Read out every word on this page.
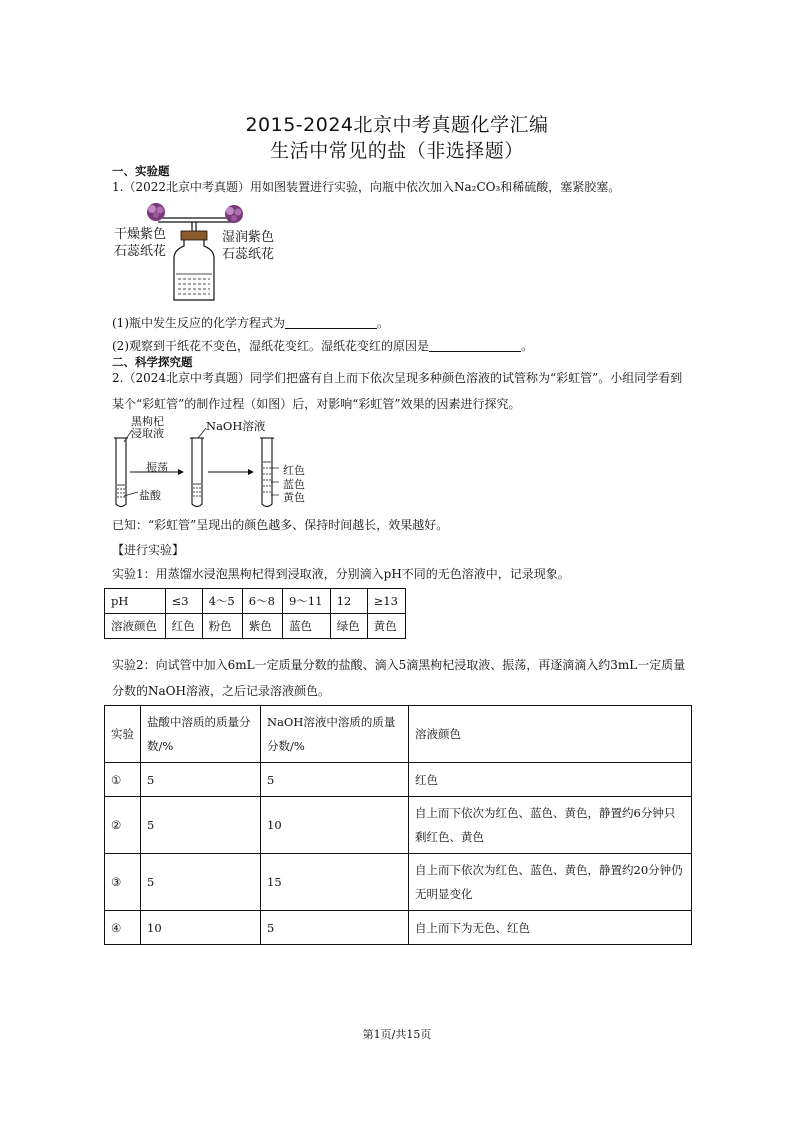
2015-2024北京中考真题化学汇编
生活中常见的盐（非选择题）
一、实验题
1.（2022北京中考真题）用如图装置进行实验，向瓶中依次加入Na₂CO₃和稀硫酸，塞紧胶塞。
干燥紫色石蕊纸花
湿润紫色石蕊纸花
(1)瓶中发生反应的化学方程式为	。
(2)观察到干纸花不变色，湿纸花变红。湿纸花变红的原因是	。
二、科学探究题
2.（2024北京中考真题）同学们把盛有自上而下依次呈现多种颜色溶液的试管称为“彩虹管”。小组同学看到某个“彩虹管”的制作过程（如图）后，对影响“彩虹管”效果的因素进行探究。
黑枸杞浸取液
NaOH溶液
振荡
盐酸
红色
蓝色
黄色
已知：“彩虹管”呈现出的颜色越多、保持时间越长，效果越好。
【进行实验】
实验1：用蒸馏水浸泡黑枸杞得到浸取液，分别滴入pH不同的无色溶液中，记录现象。
pH	≤3	4～5	6～8	9～11	12	≥13
溶液颜色	红色	粉色	紫色	蓝色	绿色	黄色
实验2：向试管中加入6mL一定质量分数的盐酸、滴入5滴黑枸杞浸取液、振荡，再逐滴滴入约3mL一定质量分数的NaOH溶液，之后记录溶液颜色。
实验	盐酸中溶质的质量分数/%	NaOH溶液中溶质的质量分数/%	溶液颜色
①	5	5	红色
②	5	10	自上而下依次为红色、蓝色、黄色，静置约6分钟只剩红色、黄色
③	5	15	自上而下依次为红色、蓝色、黄色，静置约20分钟仍无明显变化
④	10	5	自上而下为无色、红色
第1页/共15页
